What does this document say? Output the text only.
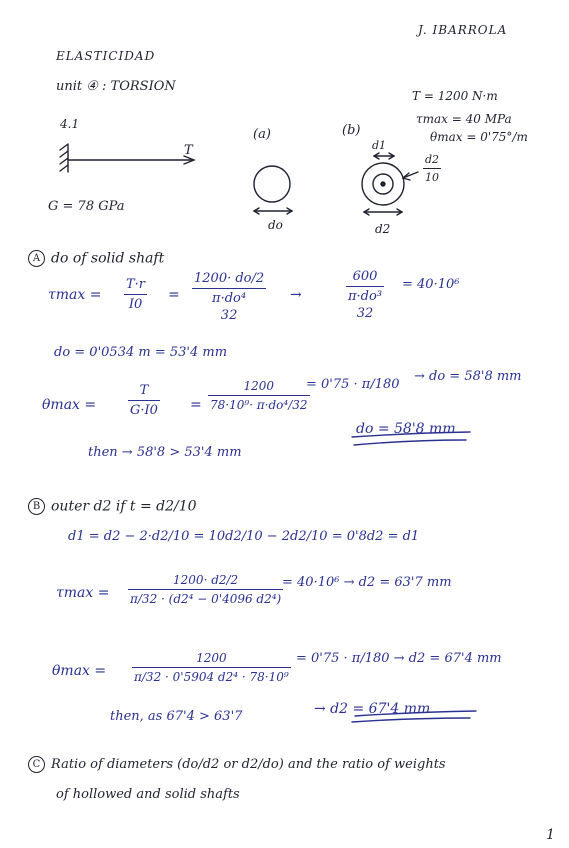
J. IBARROLA
ELASTICIDAD
unit ④ : TORSION
T = 1200 N·m
τmax = 40 MPa
θmax = 0'75°/m
4.1
T
(a)	(b)
d1
d2
10
do	d2
G = 78 GPa
A do of solid shaft
τmax =
T·r
I0
=
1200· do/2
π·do⁴
32
→
600
π·do³
32
= 40·10⁶
do = 0'0534 m = 53'4 mm
θmax =
T
G·I0 =
1200
78·10⁹· π·do⁴/32
= 0'75 · π/180
→ do = 58'8 mm
then → 58'8 > 53'4 mm
do = 58'8 mm
B outer d2 if t = d2/10
d1 = d2 − 2·d2/10 = 10d2/10 − 2d2/10 = 0'8d2 = d1
τmax =
1200· d2/2
π/32 · (d2⁴ − 0'4096 d2⁴)
= 40·10⁶ → d2 = 63'7 mm
θmax =
1200
π/32 · 0'5904 d2⁴ · 78·10⁹
= 0'75 · π/180 → d2 = 67'4 mm
then, as 67'4 > 63'7	→ d2 = 67'4 mm
C Ratio of diameters (do/d2 or d2/do) and the ratio of weights
of hollowed and solid shafts
1
